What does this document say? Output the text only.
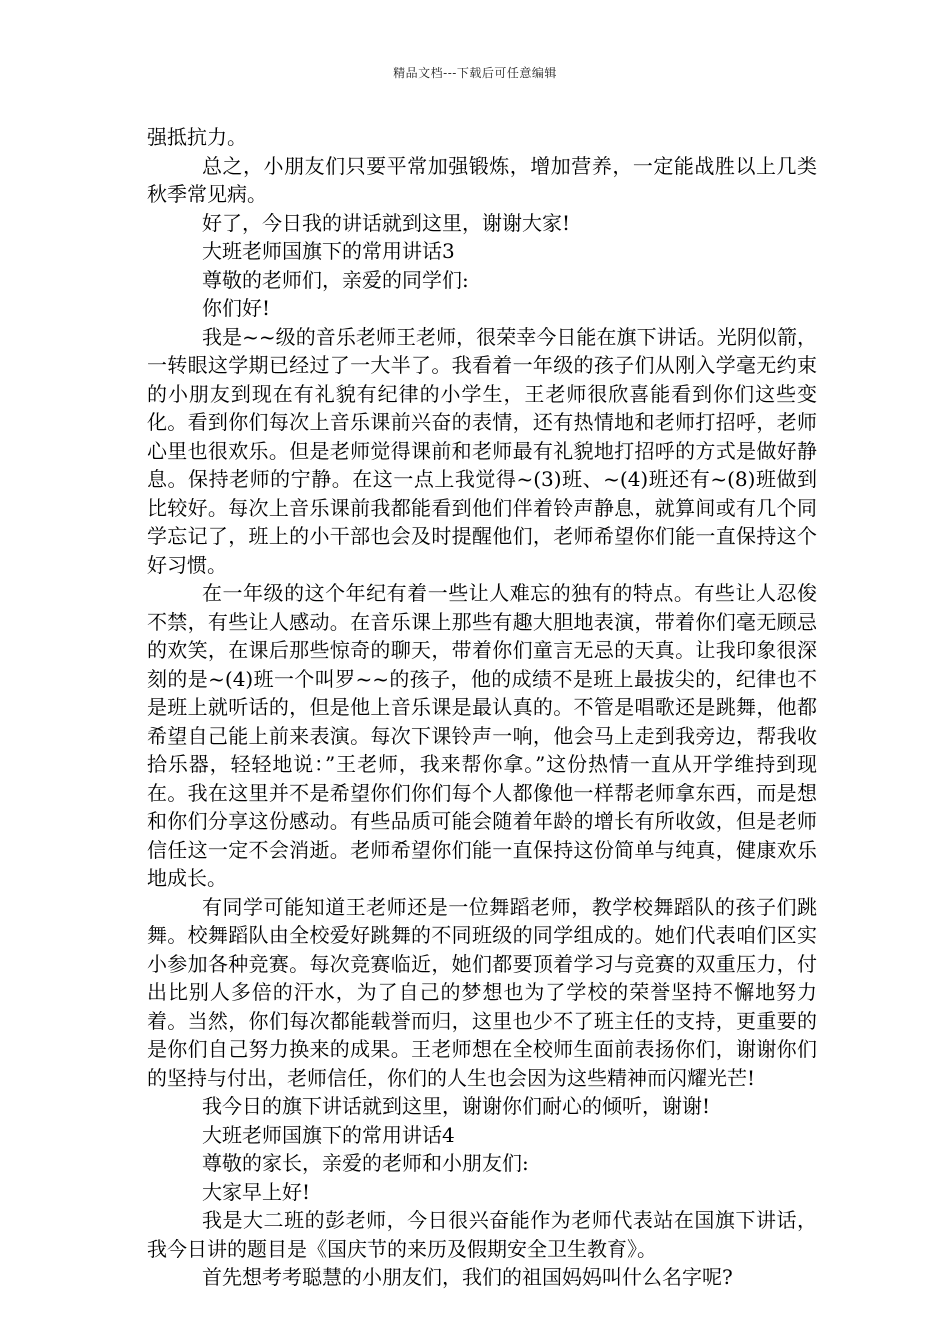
精品文档---下载后可任意编辑

强抵抗力。

总之，小朋友们只要平常加强锻炼，增加营养，一定能战胜以上几类秋季常见病。

好了，今日我的讲话就到这里，谢谢大家!

大班老师国旗下的常用讲话3

尊敬的老师们，亲爱的同学们:

你们好!

我是~~级的音乐老师王老师，很荣幸今日能在旗下讲话。光阴似箭，一转眼这学期已经过了一大半了。我看着一年级的孩子们从刚入学毫无约束的小朋友到现在有礼貌有纪律的小学生，王老师很欣喜能看到你们这些变化。看到你们每次上音乐课前兴奋的表情，还有热情地和老师打招呼，老师心里也很欢乐。但是老师觉得课前和老师最有礼貌地打招呼的方式是做好静息。保持老师的宁静。在这一点上我觉得~(3)班、~(4)班还有~(8)班做到比较好。每次上音乐课前我都能看到他们伴着铃声静息，就算间或有几个同学忘记了，班上的小干部也会及时提醒他们，老师希望你们能一直保持这个好习惯。

在一年级的这个年纪有着一些让人难忘的独有的特点。有些让人忍俊不禁，有些让人感动。在音乐课上那些有趣大胆地表演，带着你们毫无顾忌的欢笑，在课后那些惊奇的聊天，带着你们童言无忌的天真。让我印象很深刻的是~(4)班一个叫罗~~的孩子，他的成绩不是班上最拔尖的，纪律也不是班上就听话的，但是他上音乐课是最认真的。不管是唱歌还是跳舞，他都希望自己能上前来表演。每次下课铃声一响，他会马上走到我旁边，帮我收拾乐器，轻轻地说：”王老师，我来帮你拿。”这份热情一直从开学维持到现在。我在这里并不是希望你们你们每个人都像他一样帮老师拿东西，而是想和你们分享这份感动。有些品质可能会随着年龄的增长有所收敛，但是老师信任这一定不会消逝。老师希望你们能一直保持这份简单与纯真，健康欢乐地成长。

有同学可能知道王老师还是一位舞蹈老师，教学校舞蹈队的孩子们跳舞。校舞蹈队由全校爱好跳舞的不同班级的同学组成的。她们代表咱们区实小参加各种竞赛。每次竞赛临近，她们都要顶着学习与竞赛的双重压力，付出比别人多倍的汗水，为了自己的梦想也为了学校的荣誉坚持不懈地努力着。当然，你们每次都能载誉而归，这里也少不了班主任的支持，更重要的是你们自己努力换来的成果。王老师想在全校师生面前表扬你们，谢谢你们的坚持与付出，老师信任，你们的人生也会因为这些精神而闪耀光芒!

我今日的旗下讲话就到这里，谢谢你们耐心的倾听，谢谢!

大班老师国旗下的常用讲话4

尊敬的家长，亲爱的老师和小朋友们:

大家早上好!

我是大二班的彭老师，今日很兴奋能作为老师代表站在国旗下讲话，我今日讲的题目是《国庆节的来历及假期安全卫生教育》。

首先想考考聪慧的小朋友们，我们的祖国妈妈叫什么名字呢?
